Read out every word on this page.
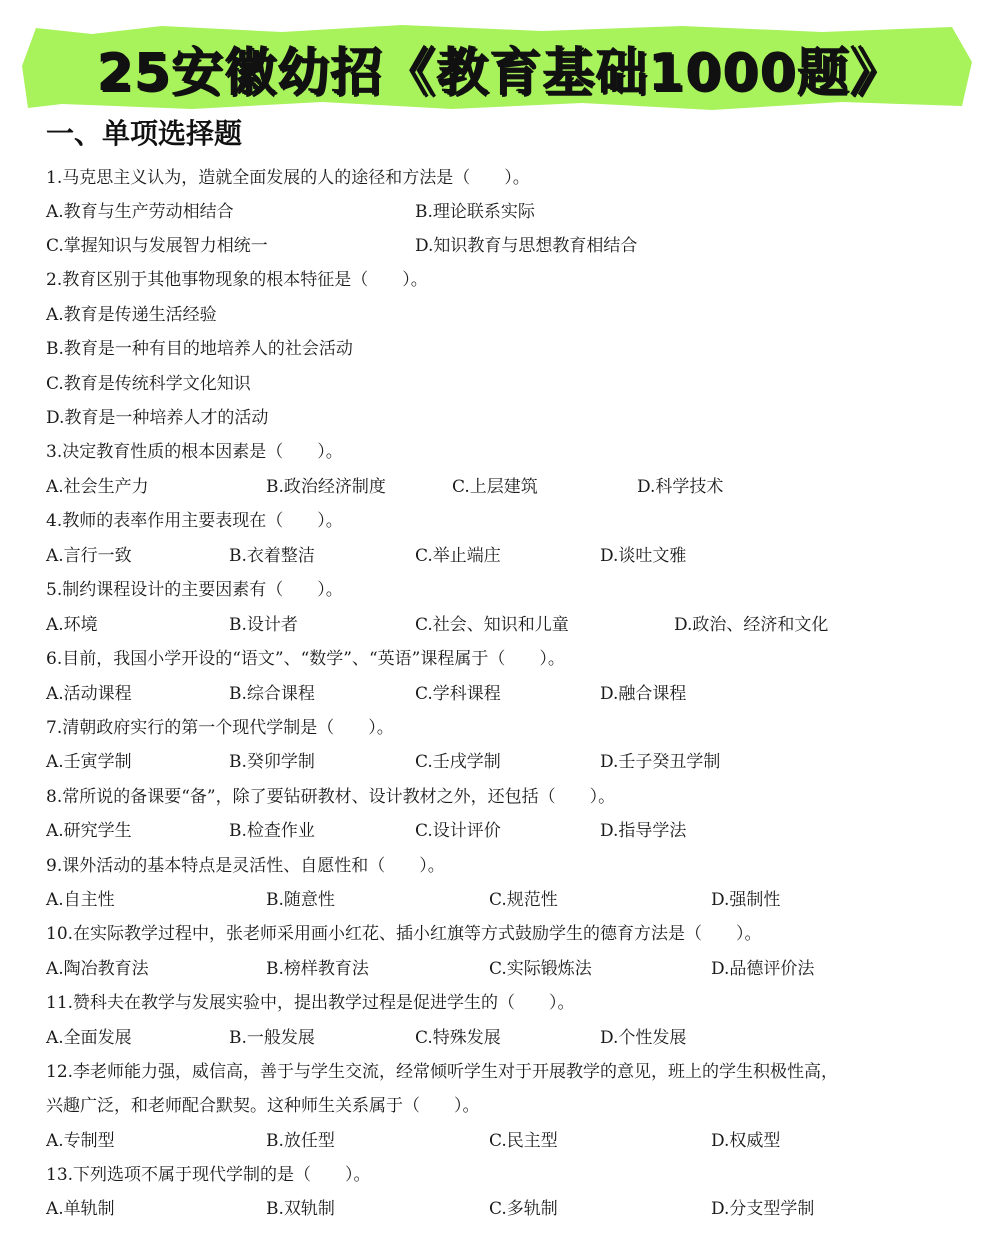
25安徽幼招《教育基础1000题》
一、单项选择题
1.马克思主义认为，造就全面发展的人的途径和方法是（　　）。
A.教育与生产劳动相结合	B.理论联系实际
C.掌握知识与发展智力相统一	D.知识教育与思想教育相结合
2.教育区别于其他事物现象的根本特征是（　　）。
A.教育是传递生活经验
B.教育是一种有目的地培养人的社会活动
C.教育是传统科学文化知识
D.教育是一种培养人才的活动
3.决定教育性质的根本因素是（　　）。
A.社会生产力	B.政治经济制度	C.上层建筑	D.科学技术
4.教师的表率作用主要表现在（　　）。
A.言行一致	B.衣着整洁	C.举止端庄	D.谈吐文雅
5.制约课程设计的主要因素有（　　）。
A.环境	B.设计者	C.社会、知识和儿童	D.政治、经济和文化
6.目前，我国小学开设的“语文”、“数学”、“英语”课程属于（　　）。
A.活动课程	B.综合课程	C.学科课程	D.融合课程
7.清朝政府实行的第一个现代学制是（　　）。
A.壬寅学制	B.癸卯学制	C.壬戌学制	D.壬子癸丑学制
8.常所说的备课要“备”，除了要钻研教材、设计教材之外，还包括（　　）。
A.研究学生	B.检查作业	C.设计评价	D.指导学法
9.课外活动的基本特点是灵活性、自愿性和（　　）。
A.自主性	B.随意性	C.规范性	D.强制性
10.在实际教学过程中，张老师采用画小红花、插小红旗等方式鼓励学生的德育方法是（　　）。
A.陶冶教育法	B.榜样教育法	C.实际锻炼法	D.品德评价法
11.赞科夫在教学与发展实验中，提出教学过程是促进学生的（　　）。
A.全面发展	B.一般发展	C.特殊发展	D.个性发展
12.李老师能力强，威信高，善于与学生交流，经常倾听学生对于开展教学的意见，班上的学生积极性高，
兴趣广泛，和老师配合默契。这种师生关系属于（　　）。
A.专制型	B.放任型	C.民主型	D.权威型
13.下列选项不属于现代学制的是（　　）。
A.单轨制	B.双轨制	C.多轨制	D.分支型学制
